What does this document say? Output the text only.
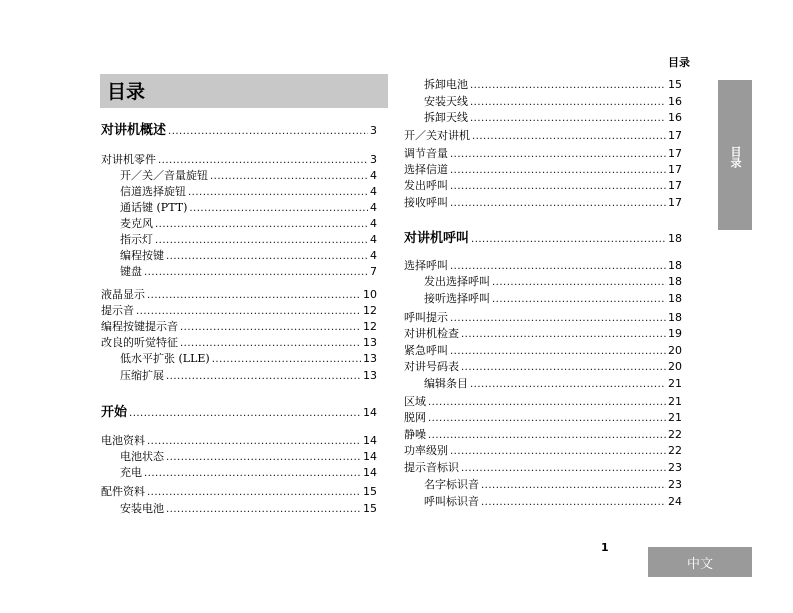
目录
目录
目录
对讲机概述 .....	3
对讲机零件 .....	3
开／关／音量旋钮 .....	4
信道选择旋钮 .....	4
通话键 (PTT) .....	4
麦克风 .....	4
指示灯 .....	4
编程按键 .....	4
键盘 .....	7
液晶显示 .....	10
提示音 .....	12
编程按键提示音 .....	12
改良的听觉特征 .....	13
低水平扩张 (LLE) .....	13
压缩扩展 .....	13
开始 .....	14
电池资料 .....	14
电池状态 .....	14
充电 .....	14
配件资料 .....	15
安装电池 .....	15
拆卸电池 .....	15
安装天线 .....	16
拆卸天线 .....	16
开／关对讲机 .....	17
调节音量 .....	17
选择信道 .....	17
发出呼叫 .....	17
接收呼叫 .....	17
对讲机呼叫 .....	18
选择呼叫 .....	18
发出选择呼叫 .....	18
接听选择呼叫 .....	18
呼叫提示 .....	18
对讲机检查 .....	19
紧急呼叫 .....	20
对讲号码表 .....	20
编辑条目 .....	21
区域 .....	21
脱网 .....	21
静噪 .....	22
功率级别 .....	22
提示音标识 .....	23
名字标识音 .....	23
呼叫标识音 .....	24
1
中文
